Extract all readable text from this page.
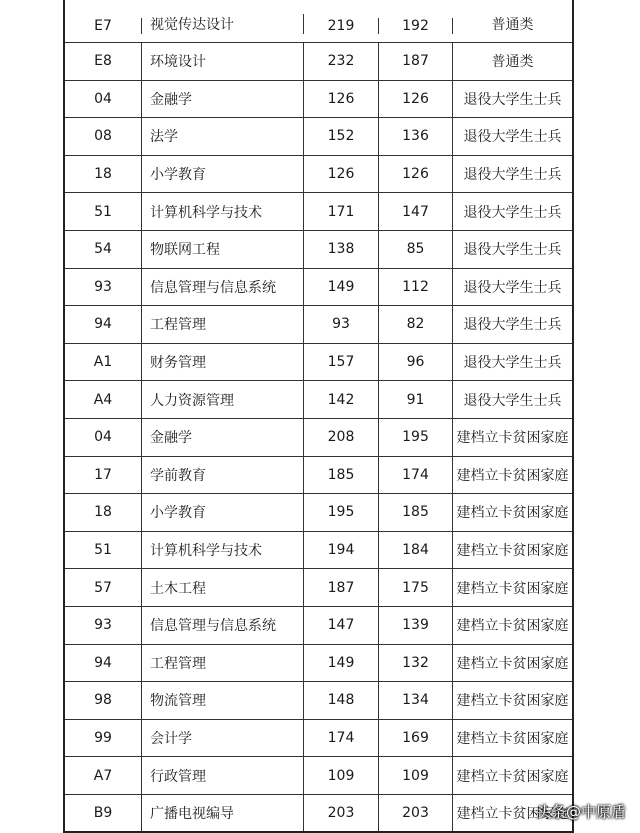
E7	视觉传达设计	219	192	普通类
E8	环境设计	232	187	普通类
04	金融学	126	126	退役大学生士兵
08	法学	152	136	退役大学生士兵
18	小学教育	126	126	退役大学生士兵
51	计算机科学与技术	171	147	退役大学生士兵
54	物联网工程	138	85	退役大学生士兵
93	信息管理与信息系统	149	112	退役大学生士兵
94	工程管理	93	82	退役大学生士兵
A1	财务管理	157	96	退役大学生士兵
A4	人力资源管理	142	91	退役大学生士兵
04	金融学	208	195	建档立卡贫困家庭
17	学前教育	185	174	建档立卡贫困家庭
18	小学教育	195	185	建档立卡贫困家庭
51	计算机科学与技术	194	184	建档立卡贫困家庭
57	土木工程	187	175	建档立卡贫困家庭
93	信息管理与信息系统	147	139	建档立卡贫困家庭
94	工程管理	149	132	建档立卡贫困家庭
98	物流管理	148	134	建档立卡贫困家庭
99	会计学	174	169	建档立卡贫困家庭
A7	行政管理	109	109	建档立卡贫困家庭
B9	广播电视编导	203	203	建档立卡贫困家庭
头条@中原盾
